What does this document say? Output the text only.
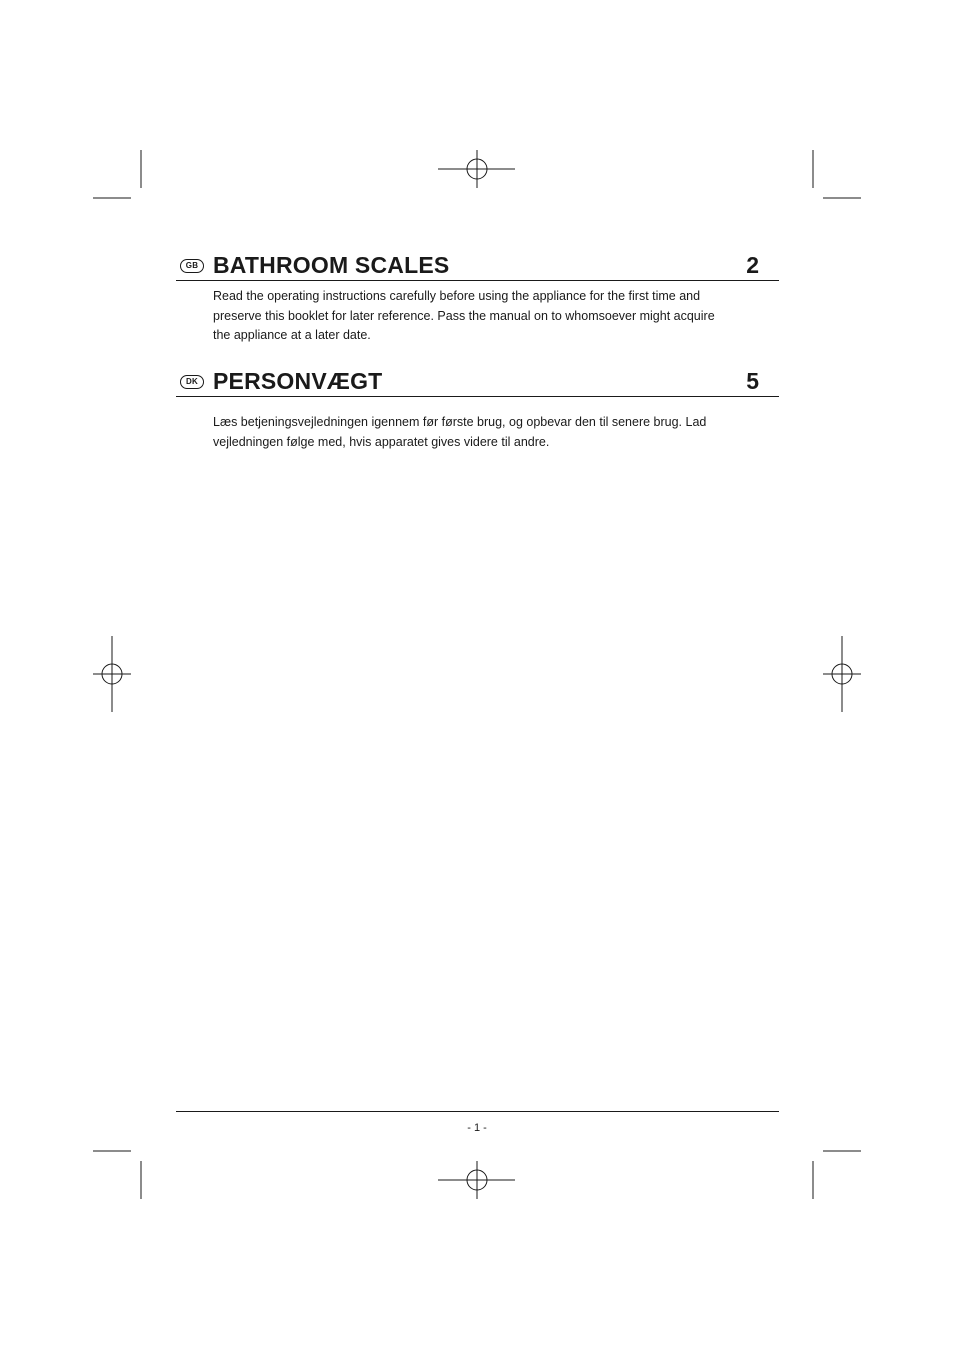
GB BATHROOM SCALES	2

Read the operating instructions carefully before using the appliance for the first time and preserve this booklet for later reference. Pass the manual on to whomsoever might acquire the appliance at a later date.

DK PERSONVÆGT	5

Læs betjeningsvejledningen igennem før første brug, og opbevar den til senere brug. Lad vejledningen følge med, hvis apparatet gives videre til andre.

- 1 -
